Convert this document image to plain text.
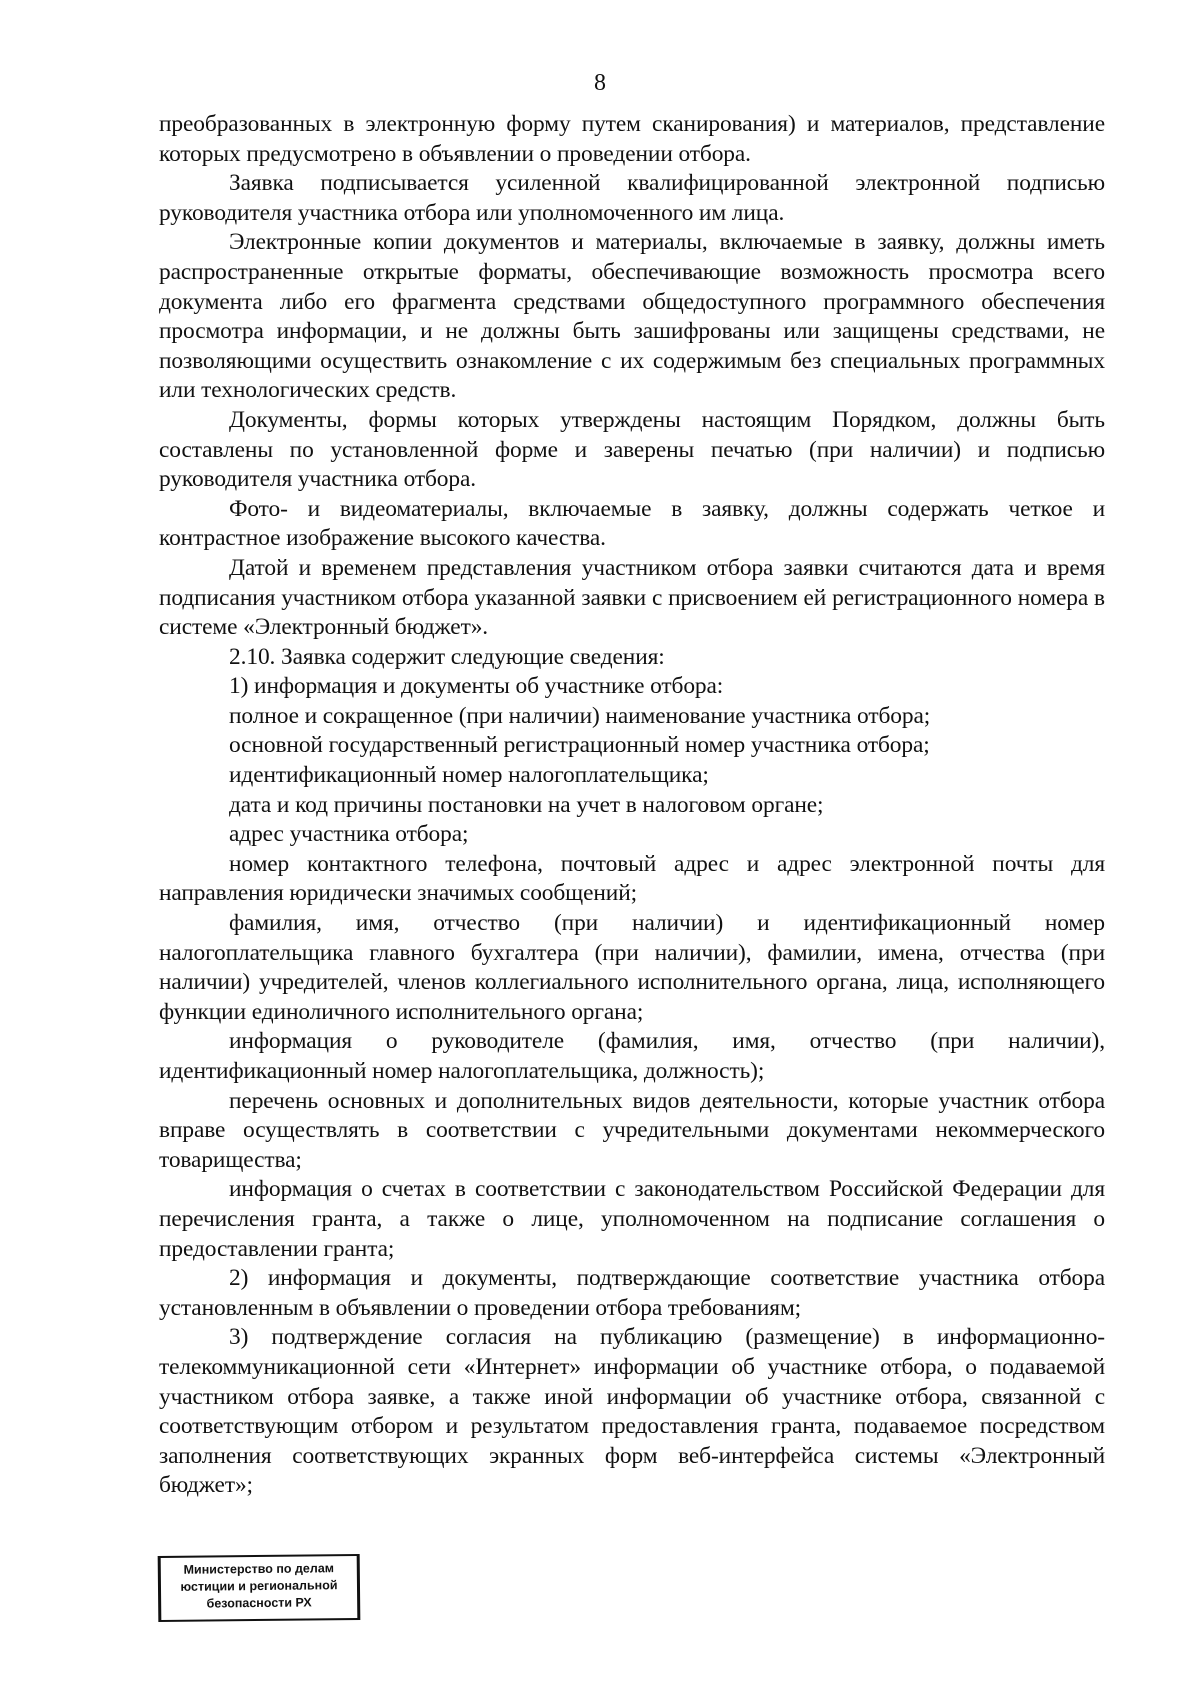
8

преобразованных в электронную форму путем сканирования) и материалов, представление которых предусмотрено в объявлении о проведении отбора.

Заявка подписывается усиленной квалифицированной электронной подписью руководителя участника отбора или уполномоченного им лица.

Электронные копии документов и материалы, включаемые в заявку, должны иметь распространенные открытые форматы, обеспечивающие возможность просмотра всего документа либо его фрагмента средствами общедоступного программного обеспечения просмотра информации, и не должны быть зашифрованы или защищены средствами, не позволяющими осуществить ознакомление с их содержимым без специальных программных или технологических средств.

Документы, формы которых утверждены настоящим Порядком, должны быть составлены по установленной форме и заверены печатью (при наличии) и подписью руководителя участника отбора.

Фото- и видеоматериалы, включаемые в заявку, должны содержать четкое и контрастное изображение высокого качества.

Датой и временем представления участником отбора заявки считаются дата и время подписания участником отбора указанной заявки с присвоением ей регистрационного номера в системе «Электронный бюджет».

2.10. Заявка содержит следующие сведения:

1) информация и документы об участнике отбора:

полное и сокращенное (при наличии) наименование участника отбора;

основной государственный регистрационный номер участника отбора;

идентификационный номер налогоплательщика;

дата и код причины постановки на учет в налоговом органе;

адрес участника отбора;

номер контактного телефона, почтовый адрес и адрес электронной почты для направления юридически значимых сообщений;

фамилия, имя, отчество (при наличии) и идентификационный номер налогоплательщика главного бухгалтера (при наличии), фамилии, имена, отчества (при наличии) учредителей, членов коллегиального исполнительного органа, лица, исполняющего функции единоличного исполнительного органа;

информация о руководителе (фамилия, имя, отчество (при наличии), идентификационный номер налогоплательщика, должность);

перечень основных и дополнительных видов деятельности, которые участник отбора вправе осуществлять в соответствии с учредительными документами некоммерческого товарищества;

информация о счетах в соответствии с законодательством Российской Федерации для перечисления гранта, а также о лице, уполномоченном на подписание соглашения о предоставлении гранта;

2) информация и документы, подтверждающие соответствие участника отбора установленным в объявлении о проведении отбора требованиям;

3) подтверждение согласия на публикацию (размещение) в информационно-телекоммуникационной сети «Интернет» информации об участнике отбора, о подаваемой участником отбора заявке, а также иной информации об участнике отбора, связанной с соответствующим отбором и результатом предоставления гранта, подаваемое посредством заполнения соответствующих экранных форм веб-интерфейса системы «Электронный бюджет»;

Министерство по делам
юстиции и региональной
безопасности РХ
